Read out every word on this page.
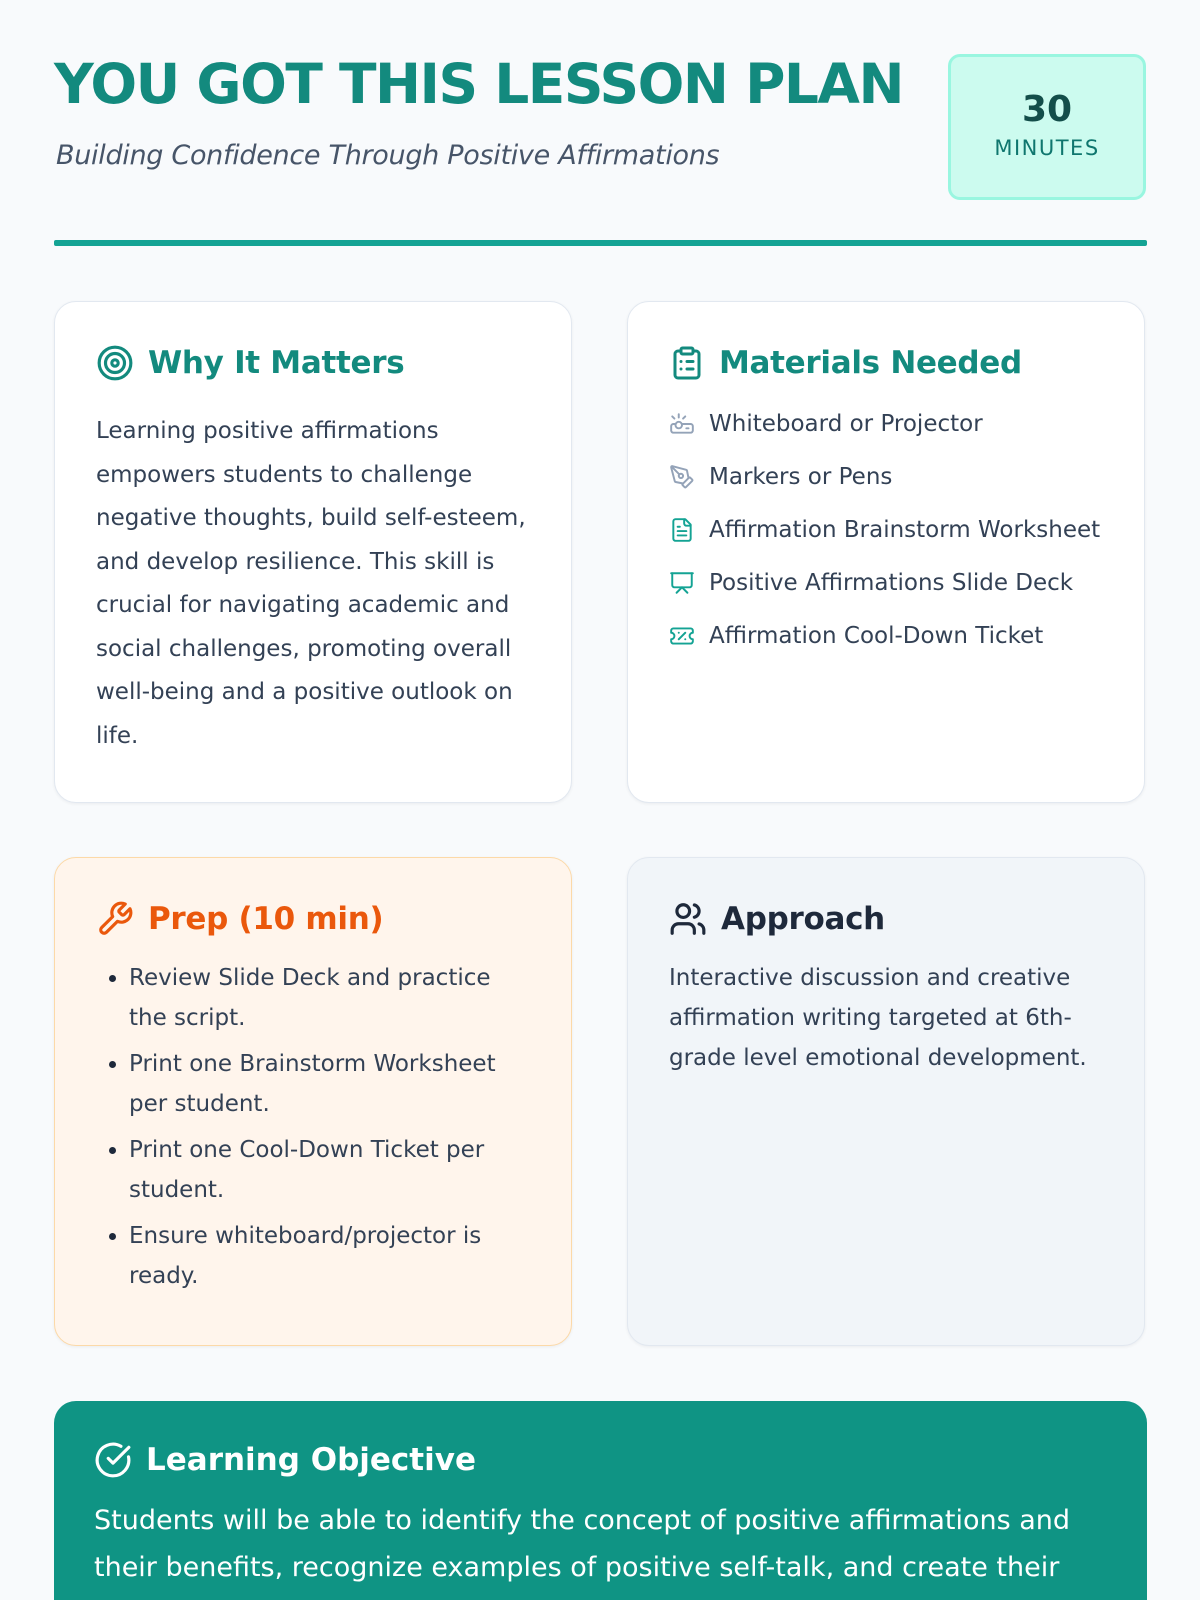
YOU GOT THIS LESSON PLAN
Building Confidence Through Positive Affirmations
30
MINUTES
Why It Matters

Learning positive affirmations empowers students to challenge negative thoughts, build self-esteem, and develop resilience. This skill is crucial for navigating academic and social challenges, promoting overall well-being and a positive outlook on life.

Materials Needed
Whiteboard or Projector
Markers or Pens
Affirmation Brainstorm Worksheet
Positive Affirmations Slide Deck
Affirmation Cool-Down Ticket
Prep (10 min)
• Review Slide Deck and practice the script.
• Print one Brainstorm Worksheet per student.
• Print one Cool-Down Ticket per student.
• Ensure whiteboard/projector is ready.
Approach

Interactive discussion and creative affirmation writing targeted at 6th-grade level emotional development.

Learning Objective

Students will be able to identify the concept of positive affirmations and their benefits, recognize examples of positive self-talk, and create their
